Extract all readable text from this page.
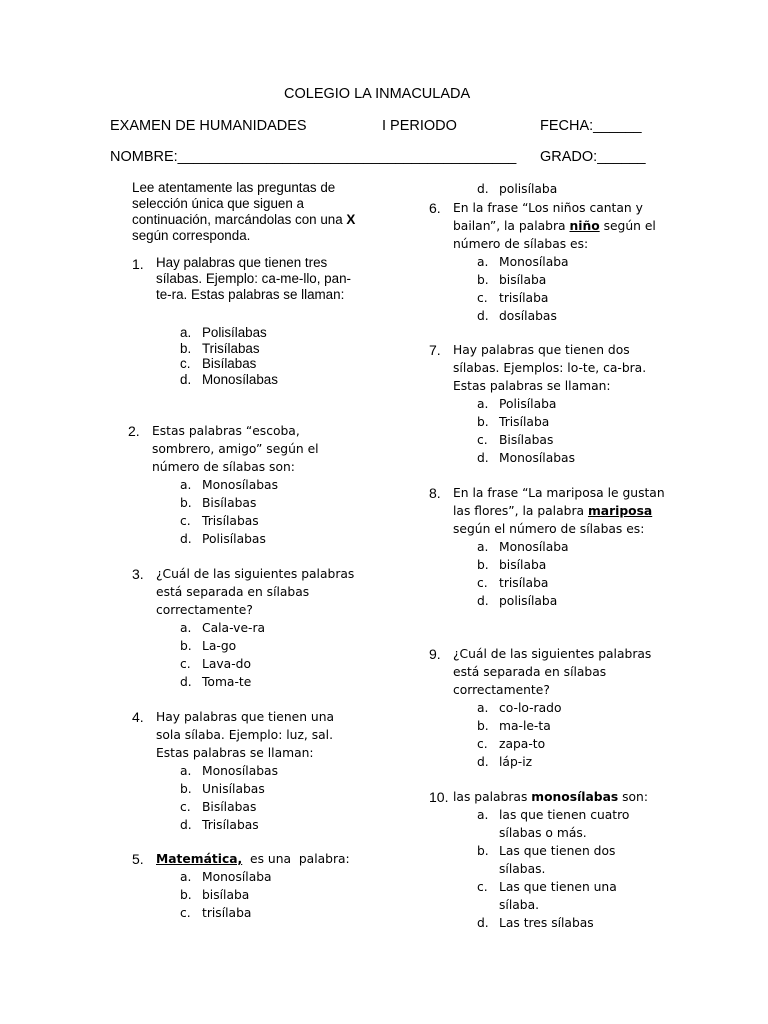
COLEGIO LA INMACULADA
EXAMEN DE HUMANIDADES	I PERIODO	FECHA:______
NOMBRE:__________________________________________ GRADO:______
Lee atentamente las preguntas de selección única que siguen a continuación, marcándolas con una X según corresponda.
1. Hay palabras que tienen tres sílabas. Ejemplo: ca-me-llo, pan-te-ra. Estas palabras se llaman:
a. Polisílabas
b. Trisílabas
c. Bisílabas
d. Monosílabas
2. Estas palabras “escoba, sombrero, amigo” según el número de sílabas son:
a. Monosílabas
b. Bisílabas
c. Trisílabas
d. Polisílabas
3. ¿Cuál de las siguientes palabras está separada en sílabas correctamente?
a. Cala-ve-ra
b. La-go
c. Lava-do
d. Toma-te
4. Hay palabras que tienen una sola sílaba. Ejemplo: luz, sal. Estas palabras se llaman:
a. Monosílabas
b. Unisílabas
c. Bisílabas
d. Trisílabas
5. Matemática,  es una  palabra:
a. Monosílaba
b. bisílaba
c. trisílaba
d. polisílaba
6. En la frase “Los niños cantan y bailan”, la palabra niño según el número de sílabas es:
a. Monosílaba
b. bisílaba
c. trisílaba
d. dosílabas
7. Hay palabras que tienen dos sílabas. Ejemplos: lo-te, ca-bra. Estas palabras se llaman:
a. Polisílaba
b. Trisílaba
c. Bisílabas
d. Monosílabas
8. En la frase “La mariposa le gustan las flores”, la palabra mariposa según el número de sílabas es:
a. Monosílaba
b. bisílaba
c. trisílaba
d. polisílaba
9. ¿Cuál de las siguientes palabras está separada en sílabas correctamente?
a. co-lo-rado
b. ma-le-ta
c. zapa-to
d. láp-iz
10. las palabras monosílabas son:
a. las que tienen cuatro sílabas o más.
b. Las que tienen dos sílabas.
c. Las que tienen una sílaba.
d. Las tres sílabas
